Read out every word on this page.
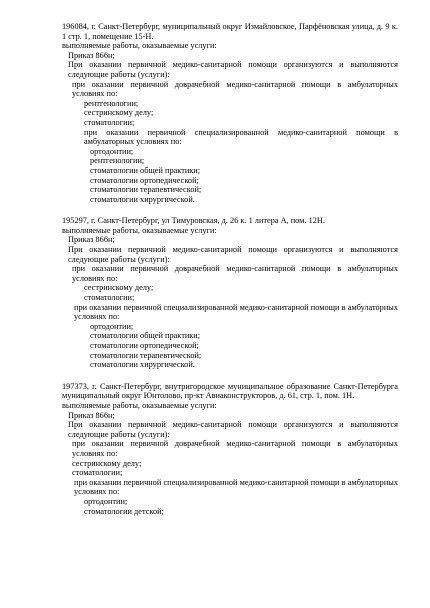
196084, г. Санкт-Петербург, муниципальный округ Измайловское, Парфёновская улица, д. 9 к. 1 стр. 1, помещение 15-Н.
выполняемые работы, оказываемые услуги:
Приказ 866н;
При оказании первичной медико-санитарной помощи организуются и выполняются следующие работы (услуги):
при оказании первичной доврачебной медико-санитарной помощи в амбулаторных условиях по:
рентгенологии;
сестринскому делу;
стоматологии;
при оказании первичной специализированной медико-санитарной помощи в амбулаторных условиях по:
ортодонтии;
рентгенологии;
стоматологии общей практики;
стоматологии ортопедической;
стоматологии терапевтической;
стоматологии хирургической.
195297, г. Санкт-Петербург, ул Тимуровская, д. 26 к. 1 литера А, пом. 12Н.
выполняемые работы, оказываемые услуги:
Приказ 866н;
При оказании первичной медико-санитарной помощи организуются и выполняются следующие работы (услуги):
при оказании первичной доврачебной медико-санитарной помощи в амбулаторных условиях по:
сестринскому делу;
стоматологии;
при оказании первичной специализированной медико-санитарной помощи в амбулаторных условиях по:
ортодонтии;
стоматологии общей практики;
стоматологии ортопедической;
стоматологии терапевтической;
стоматологии хирургической.
197373, г. Санкт-Петербург, внутригородское муниципальное образование Санкт-Петербурга муниципальный округ Юнтолово, пр-кт Авиаконструкторов, д. 61, стр. 1, пом. 1Н.
выполняемые работы, оказываемые услуги:
Приказ 866н;
При оказании первичной медико-санитарной помощи организуются и выполняются следующие работы (услуги):
при оказании первичной доврачебной медико-санитарной помощи в амбулаторных условиях по:
сестринскому делу;
стоматологии;
при оказании первичной специализированной медико-санитарной помощи в амбулаторных условиях по:
ортодонтии;
стоматологии детской;
